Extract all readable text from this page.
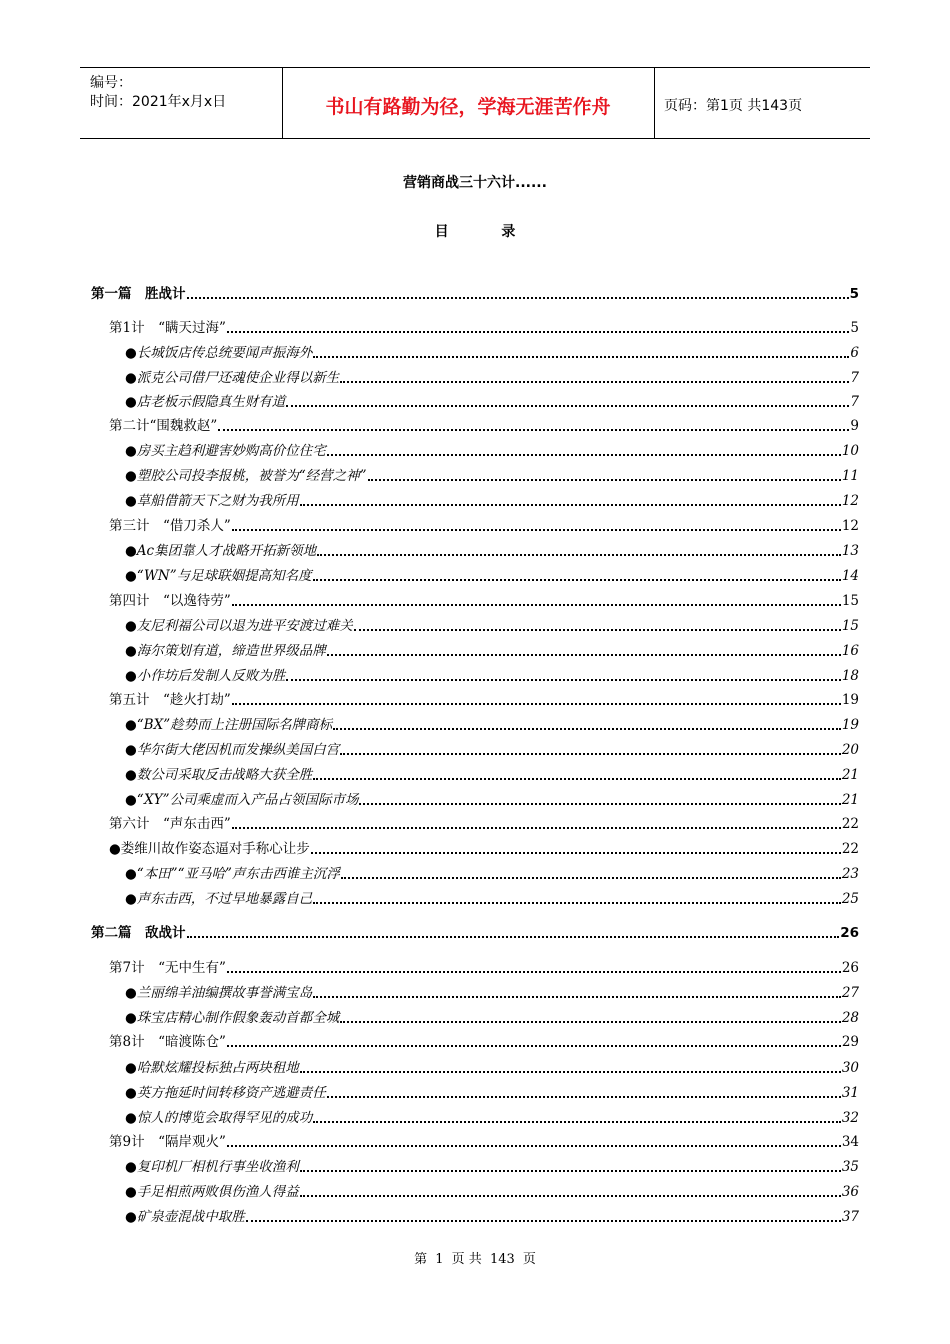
编号：
时间：2021年x月x日	书山有路勤为径，学海无涯苦作舟	页码：第1页 共143页
营销商战三十六计......
目 录
第一篇　胜战计	5
第1计　“瞒天过海”	5
●长城饭店传总统要闻声振海外	6
●派克公司借尸还魂使企业得以新生	7
●店老板示假隐真生财有道	7
第二计“围魏救赵”	9
●房买主趋利避害妙购高价位住宅	10
●塑胶公司投李报桃，被誉为“经营之神”	11
●草船借箭天下之财为我所用	12
第三计　“借刀杀人”	12
●Ac集团靠人才战略开拓新领地	13
●“WN”与足球联姻提高知名度	14
第四计　“以逸待劳”	15
●友尼利福公司以退为进平安渡过难关	15
●海尔策划有道，缔造世界级品牌	16
●小作坊后发制人反败为胜	18
第五计　“趁火打劫”	19
●“BX”趁势而上注册国际名牌商标	19
●华尔街大佬因机而发操纵美国白宫	20
●数公司采取反击战略大获全胜	21
●“XY”公司乘虚而入产品占领国际市场	21
第六计　“声东击西”	22
●娄维川故作姿态逼对手称心让步	22
●“本田”“亚马哈”声东击西谁主沉浮	23
●声东击西，不过早地暴露自己	25
第二篇　敌战计	26
第7计　“无中生有”	26
●兰丽绵羊油编撰故事誉满宝岛	27
●珠宝店精心制作假象轰动首都全城	28
第8计　“暗渡陈仓”	29
●哈默炫耀投标独占两块租地	30
●英方拖延时间转移资产逃避责任	31
●惊人的博览会取得罕见的成功	32
第9计　“隔岸观火”	34
●复印机厂相机行事坐收渔利	35
●手足相煎两败俱伤渔人得益	36
●矿泉壶混战中取胜	37
第 1 页 共 143 页
